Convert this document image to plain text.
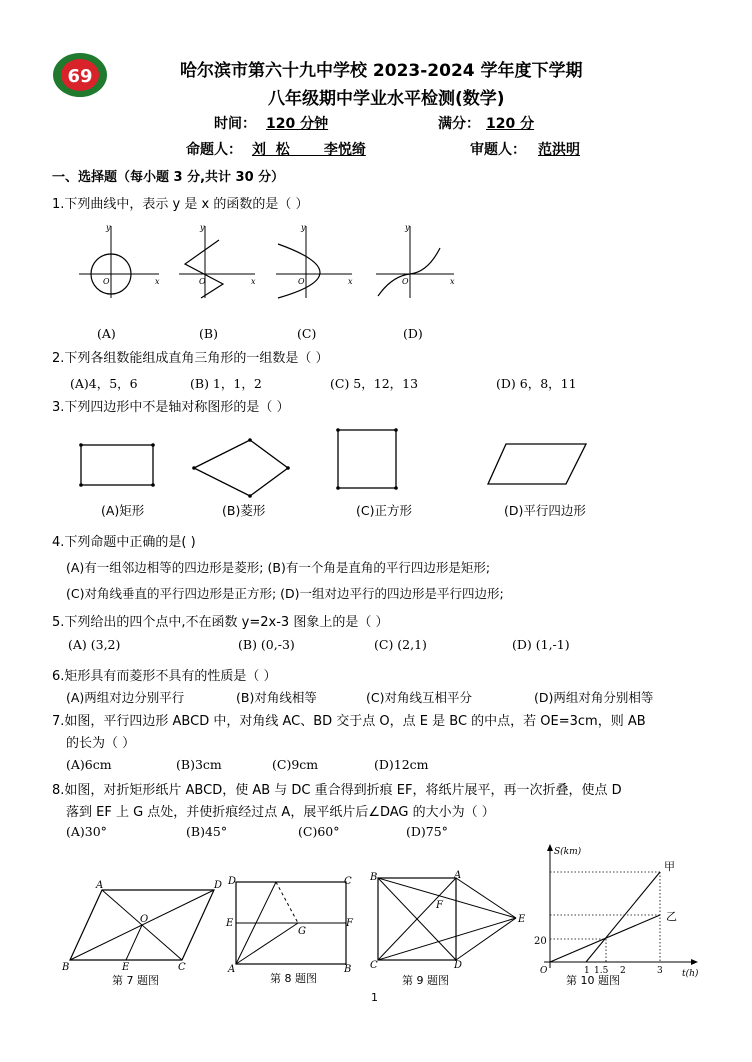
69	哈尔滨市第六十九中学校 2023-2024 学年度下学期
八年级期中学业水平检测(数学)
时间： 120 分钟	满分： 120 分
命题人： 刘  松       李悦绮	审题人： 范洪明
一、选择题（每小题 3 分,共计 30 分）
1.下列曲线中，表示 y 是 x 的函数的是（ ）
y
x
O
y
x
O
y
x
O
y
x
O
(A)	(B)	(C)	(D)
2.下列各组数能组成直角三角形的一组数是（ ）
(A)4，5，6	(B) 1，1，2	(C) 5，12，13	(D) 6，8，11
3.下列四边形中不是轴对称图形的是（ ）
(A)矩形	(B)菱形	(C)正方形	(D)平行四边形
4.下列命题中正确的是( )
(A)有一组邻边相等的四边形是菱形; (B)有一个角是直角的平行四边形是矩形;
(C)对角线垂直的平行四边形是正方形; (D)一组对边平行的四边形是平行四边形;
5.下列给出的四个点中,不在函数 y=2x-3 图象上的是（ ）
(A) (3,2)	(B) (0,-3)	(C) (2,1)	(D) (1,-1)
6.矩形具有而菱形不具有的性质是（ ）
(A)两组对边分别平行	(B)对角线相等	(C)对角线互相平分	(D)两组对角分别相等
7.如图，平行四边形 ABCD 中，对角线 AC、BD 交于点 O，点 E 是 BC 的中点，若 OE=3cm，则 AB
的长为（ ）
(A)6cm	(B)3cm	(C)9cm	(D)12cm
8.如图，对折矩形纸片 ABCD，使 AB 与 DC 重合得到折痕 EF，将纸片展平，再一次折叠，使点 D
落到 EF 上 G 点处，并使折痕经过点 A，展平纸片后∠DAG 的大小为（ ）
(A)30°	(B)45°	(C)60°	(D)75°
A	D
B	C
O
E
第 7 题图
D	C
E	F
G
A	B
第 8 题图
B	A
F
E
C	D
第 9 题图
S(km)
t(h)
甲
乙
20
O	1 1.5 2	3
第 10 题图
1
